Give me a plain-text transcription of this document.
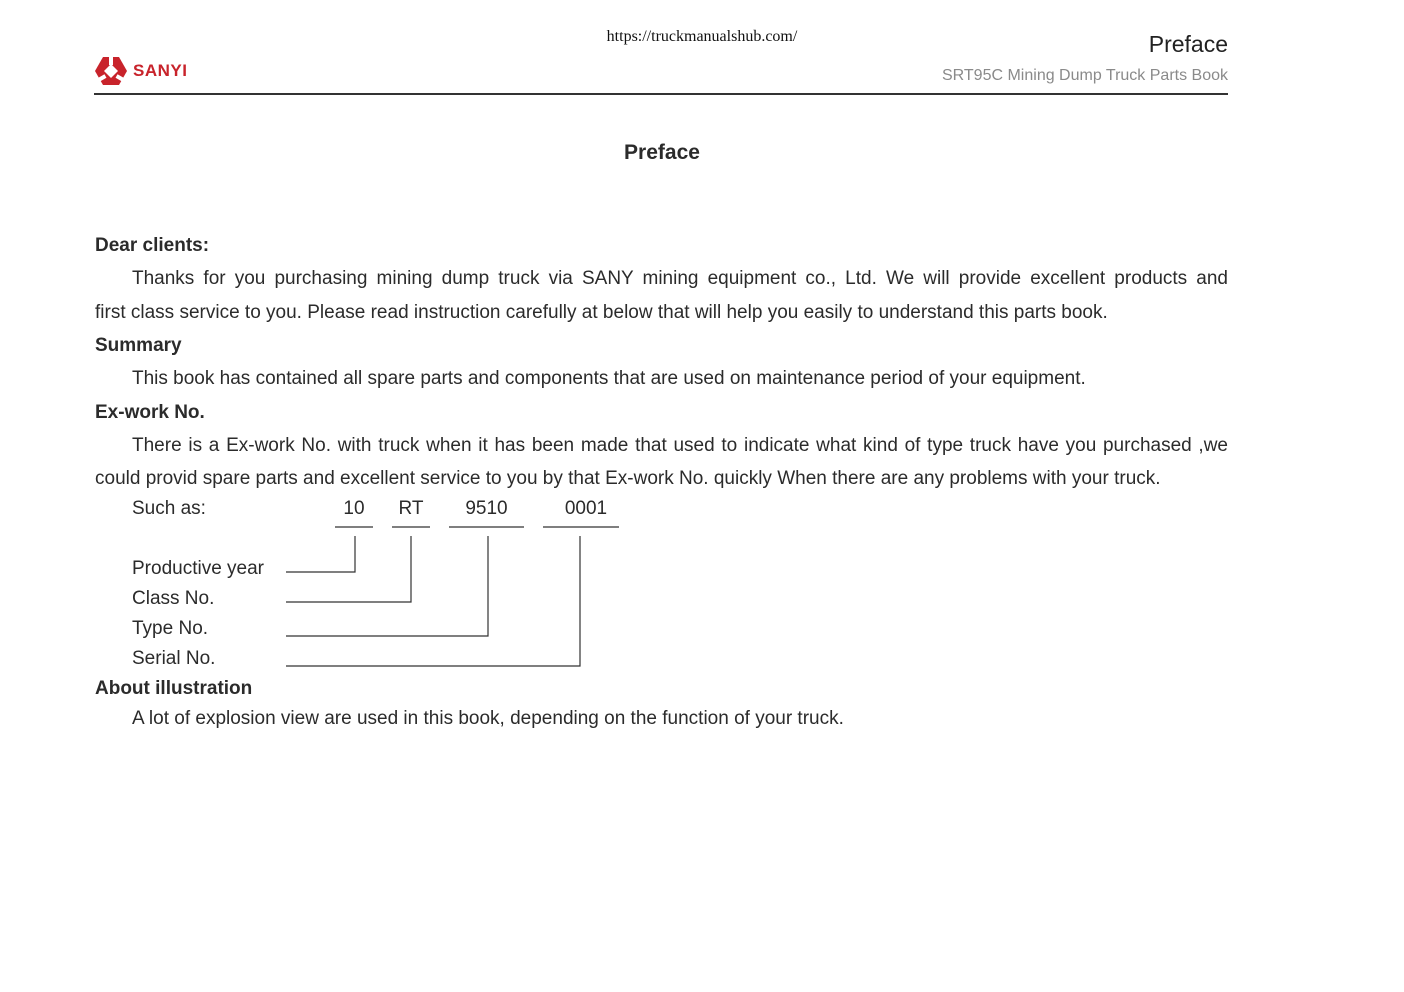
https://truckmanualshub.com/
SANYI
Preface
SRT95C Mining Dump Truck Parts Book
Preface
Dear clients:
Thanks for you purchasing mining dump truck via SANY mining equipment co., Ltd. We will provide excellent products and
first class service to you. Please read instruction carefully at below that will help you easily to understand this parts book.
Summary
This book has contained all spare parts and components that are used on maintenance period of your equipment.
Ex-work No.
There is a Ex-work No. with truck when it has been made that used to indicate what kind of type truck have you purchased ,we
could provid spare parts and excellent service to you by that Ex-work No. quickly When there are any problems with your truck.
Such as:	10	RT	9510	0001
Productive year
Class No.
Type No.
Serial No.
About illustration
A lot of explosion view are used in this book, depending on the function of your truck.
